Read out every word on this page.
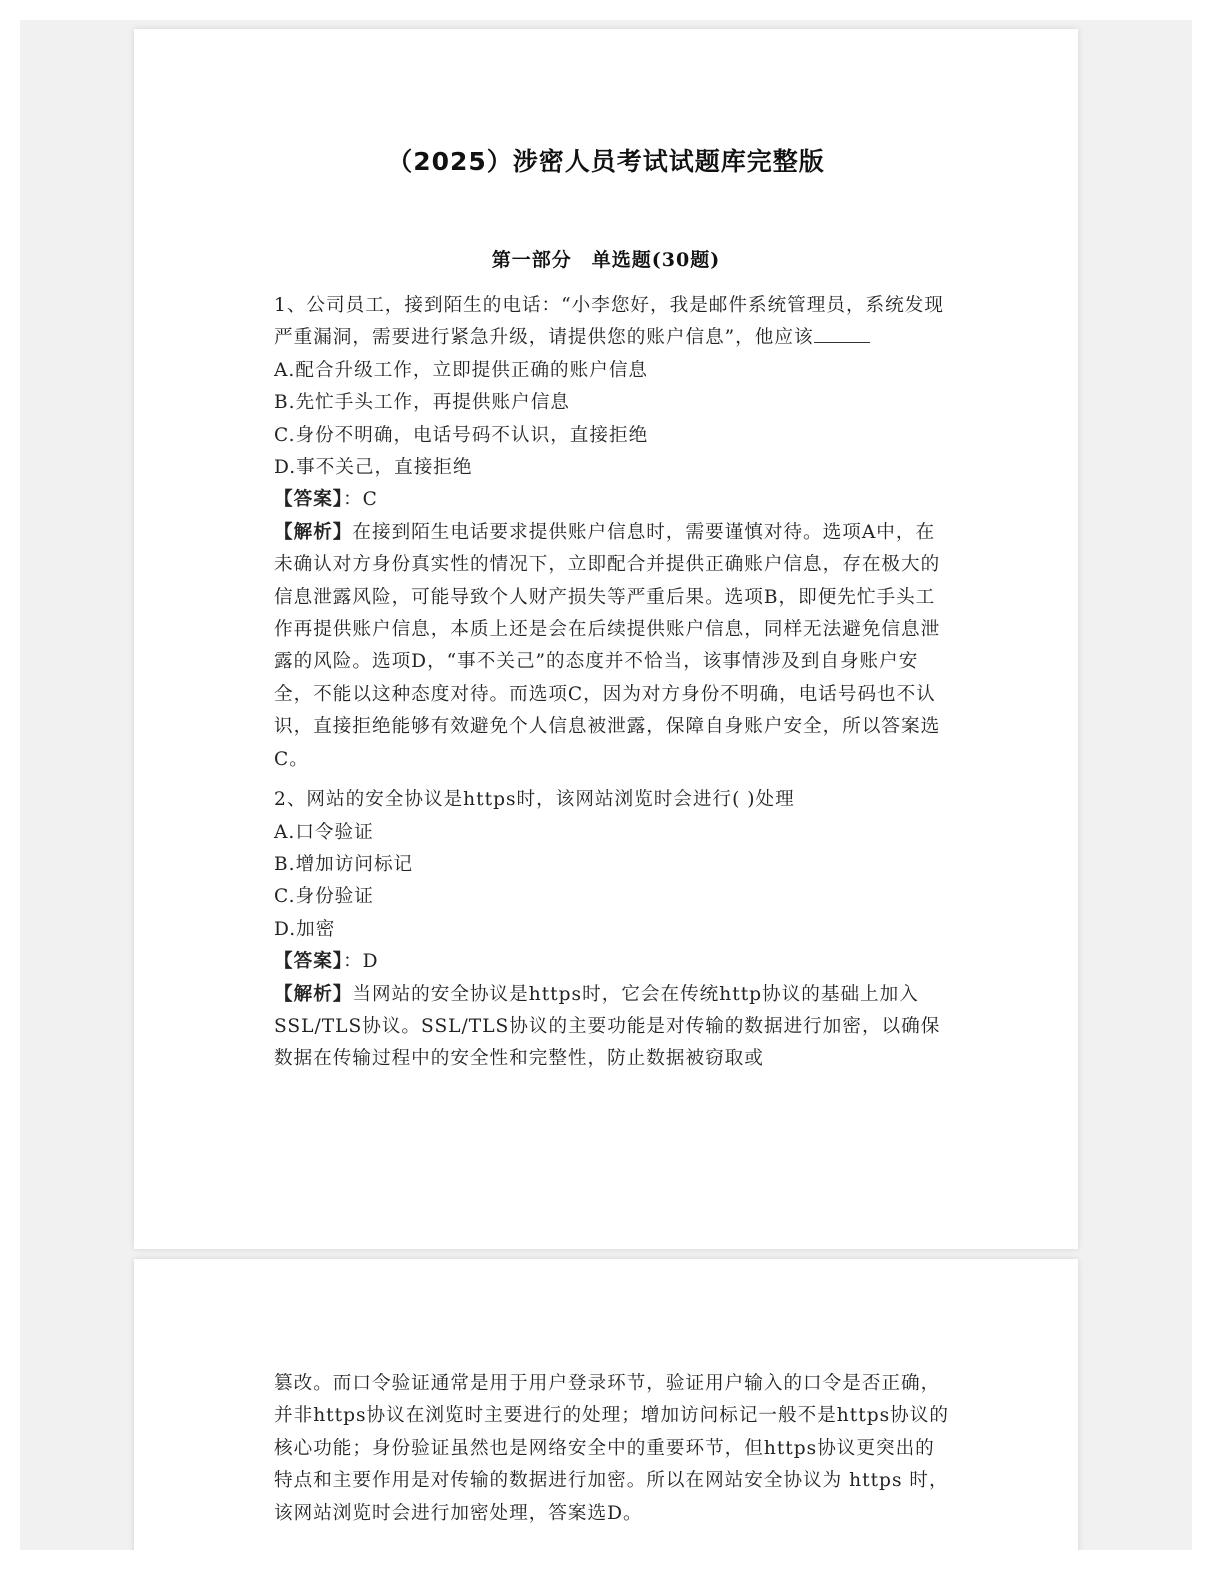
（2025）涉密人员考试试题库完整版
第一部分　单选题(30题)

1、公司员工，接到陌生的电话：“小李您好，我是邮件系统管理员，系统发现严重漏洞，需要进行紧急升级，请提供您的账户信息”，他应该

A.配合升级工作，立即提供正确的账户信息
B.先忙手头工作，再提供账户信息
C.身份不明确，电话号码不认识，直接拒绝
D.事不关己，直接拒绝

【答案】：C

【解析】在接到陌生电话要求提供账户信息时，需要谨慎对待。选项A中，在未确认对方身份真实性的情况下，立即配合并提供正确账户信息，存在极大的信息泄露风险，可能导致个人财产损失等严重后果。选项B，即便先忙手头工作再提供账户信息，本质上还是会在后续提供账户信息，同样无法避免信息泄露的风险。选项D，“事不关己”的态度并不恰当，该事情涉及到自身账户安全，不能以这种态度对待。而选项C，因为对方身份不明确，电话号码也不认识，直接拒绝能够有效避免个人信息被泄露，保障自身账户安全，所以答案选C。

2、网站的安全协议是https时，该网站浏览时会进行( )处理

A.口令验证
B.增加访问标记
C.身份验证
D.加密

【答案】：D

【解析】当网站的安全协议是https时，它会在传统http协议的基础上加入SSL/TLS协议。SSL/TLS协议的主要功能是对传输的数据进行加密，以确保数据在传输过程中的安全性和完整性，防止数据被窃取或

篡改。而口令验证通常是用于用户登录环节，验证用户输入的口令是否正确，并非https协议在浏览时主要进行的处理；增加访问标记一般不是https协议的核心功能；身份验证虽然也是网络安全中的重要环节，但https协议更突出的特点和主要作用是对传输的数据进行加密。所以在网站安全协议为 https 时，该网站浏览时会进行加密处理，答案选D。
